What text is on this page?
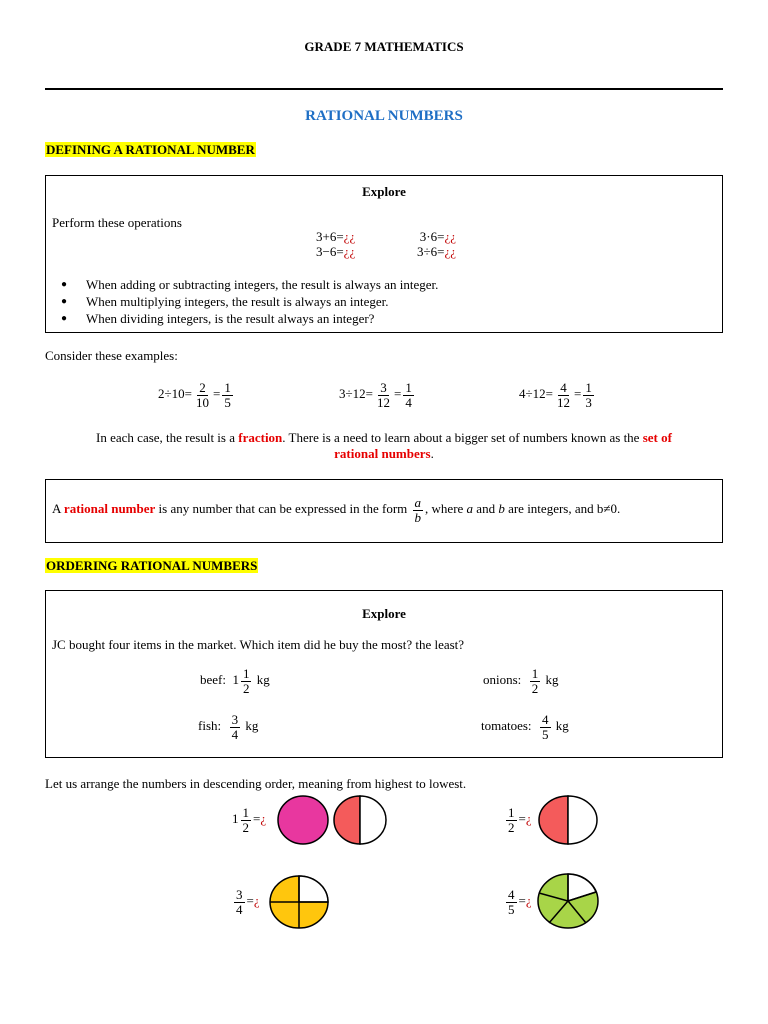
GRADE 7 MATHEMATICS
RATIONAL NUMBERS
DEFINING A RATIONAL NUMBER
Explore
Perform these operations
3+6=¿¿	3·6=¿¿
3−6=¿¿	3÷6=¿¿
● When adding or subtracting integers, the result is always an integer.
● When multiplying integers, the result is always an integer.
● When dividing integers, is the result always an integer?
Consider these examples:
$2\div 10= \frac{2}{10} = \frac{1}{5}$	$3\div 12= \frac{3}{12} = \frac{1}{4}$	$4\div 12= \frac{4}{12} = \frac{1}{3}$
In each case, the result is a fraction. There is a need to learn about a bigger set of numbers known as the set of
rational numbers.
A rational number is any number that can be expressed in the form $\frac{a}{b}$ , where a and b are integers, and b≠0.
ORDERING RATIONAL NUMBERS
Explore
JC bought four items in the market. Which item did he buy the most? the least?
beef: $1 \frac{1}{2}$ kg	onions: $\frac{1}{2}$ kg
fish: $\frac{3}{4}$ kg	tomatoes: $\frac{4}{5}$ kg
Let us arrange the numbers in descending order, meaning from highest to lowest.
$1 \frac{1}{2}$ =¿	$\frac{1}{2}$ =¿
$\frac{3}{4}$ =¿	$\frac{4}{5}$ =¿
